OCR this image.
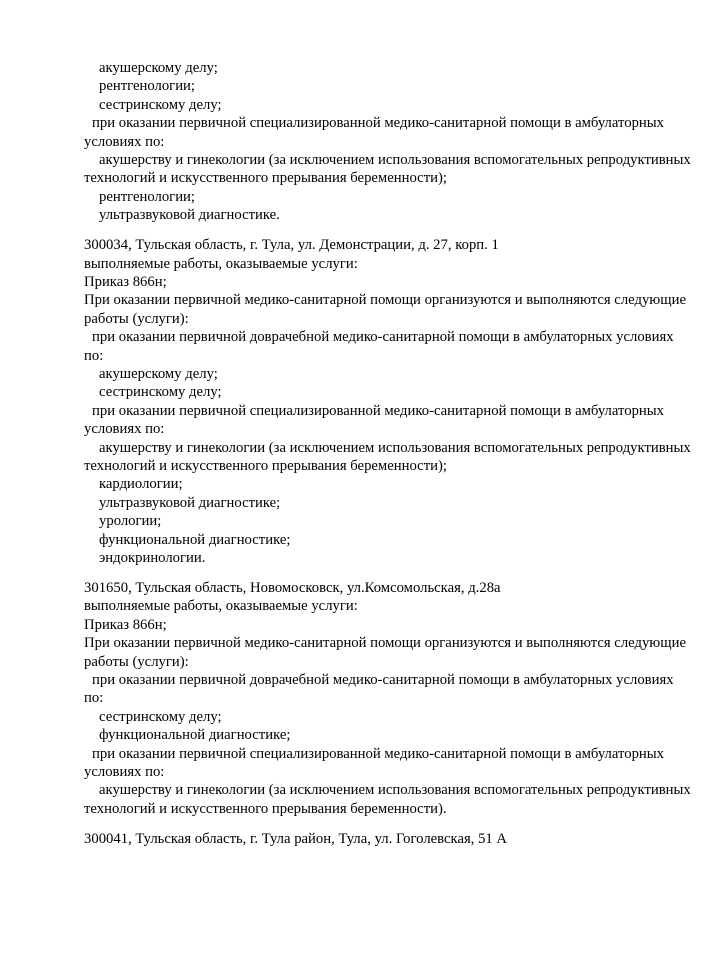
акушерскому делу;
рентгенологии;
сестринскому делу;
при оказании первичной специализированной медико-санитарной помощи в амбулаторных
условиях по:
акушерству и гинекологии (за исключением использования вспомогательных репродуктивных
технологий и искусственного прерывания беременности);
рентгенологии;
ультразвуковой диагностике.
300034, Тульская область, г. Тула, ул. Демонстрации, д. 27, корп. 1
выполняемые работы, оказываемые услуги:
Приказ 866н;
При оказании первичной медико-санитарной помощи организуются и выполняются следующие
работы (услуги):
при оказании первичной доврачебной медико-санитарной помощи в амбулаторных условиях
по:
акушерскому делу;
сестринскому делу;
при оказании первичной специализированной медико-санитарной помощи в амбулаторных
условиях по:
акушерству и гинекологии (за исключением использования вспомогательных репродуктивных
технологий и искусственного прерывания беременности);
кардиологии;
ультразвуковой диагностике;
урологии;
функциональной диагностике;
эндокринологии.
301650, Тульская область, Новомосковск, ул.Комсомольская, д.28а
выполняемые работы, оказываемые услуги:
Приказ 866н;
При оказании первичной медико-санитарной помощи организуются и выполняются следующие
работы (услуги):
при оказании первичной доврачебной медико-санитарной помощи в амбулаторных условиях
по:
сестринскому делу;
функциональной диагностике;
при оказании первичной специализированной медико-санитарной помощи в амбулаторных
условиях по:
акушерству и гинекологии (за исключением использования вспомогательных репродуктивных
технологий и искусственного прерывания беременности).
300041, Тульская область, г. Тула район, Тула, ул. Гоголевская, 51 А
